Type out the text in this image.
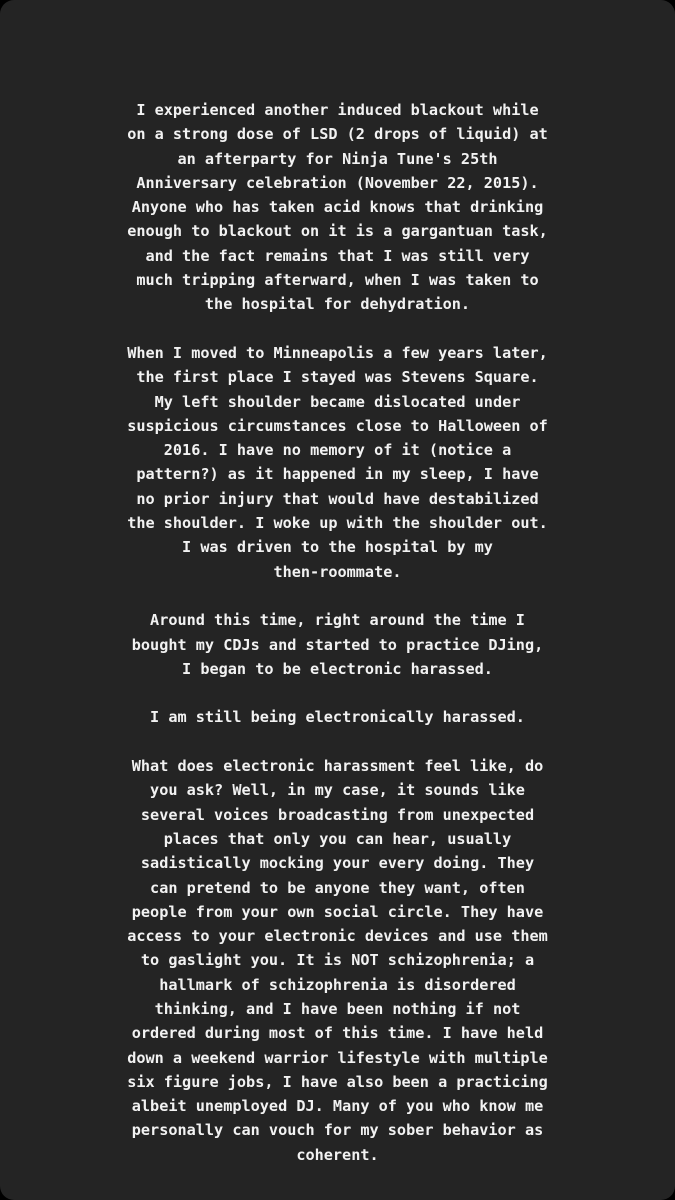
I experienced another induced blackout while
on a strong dose of LSD (2 drops of liquid) at
an afterparty for Ninja Tune's 25th
Anniversary celebration (November 22, 2015).
Anyone who has taken acid knows that drinking
enough to blackout on it is a gargantuan task,
and the fact remains that I was still very
much tripping afterward, when I was taken to
the hospital for dehydration.
When I moved to Minneapolis a few years later,
the first place I stayed was Stevens Square.
My left shoulder became dislocated under
suspicious circumstances close to Halloween of
2016. I have no memory of it (notice a
pattern?) as it happened in my sleep, I have
no prior injury that would have destabilized
the shoulder. I woke up with the shoulder out.
I was driven to the hospital by my
then-roommate.
Around this time, right around the time I
bought my CDJs and started to practice DJing,
I began to be electronic harassed.
I am still being electronically harassed.
What does electronic harassment feel like, do
you ask? Well, in my case, it sounds like
several voices broadcasting from unexpected
places that only you can hear, usually
sadistically mocking your every doing. They
can pretend to be anyone they want, often
people from your own social circle. They have
access to your electronic devices and use them
to gaslight you. It is NOT schizophrenia; a
hallmark of schizophrenia is disordered
thinking, and I have been nothing if not
ordered during most of this time. I have held
down a weekend warrior lifestyle with multiple
six figure jobs, I have also been a practicing
albeit unemployed DJ. Many of you who know me
personally can vouch for my sober behavior as
coherent.
